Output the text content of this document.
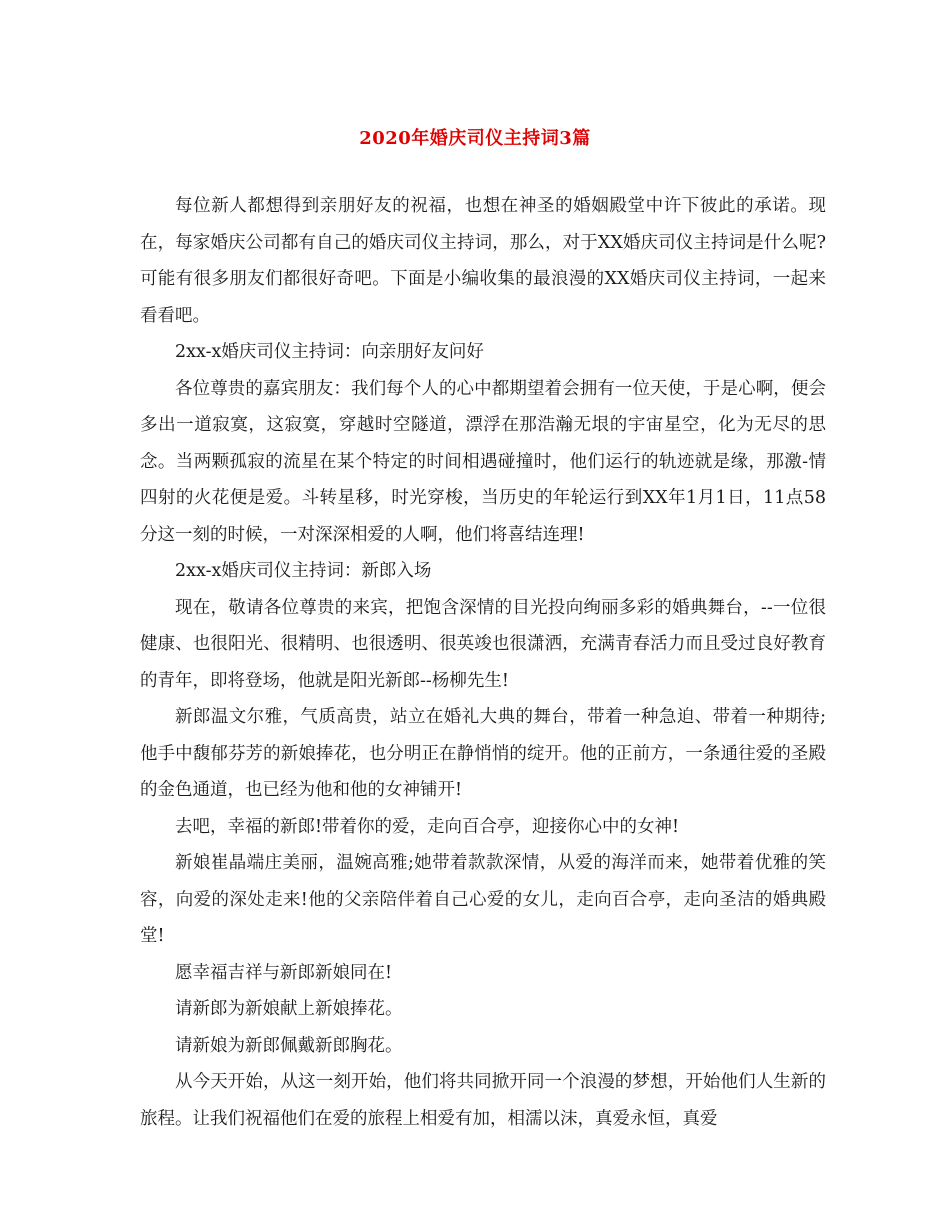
2020年婚庆司仪主持词3篇

每位新人都想得到亲朋好友的祝福，也想在神圣的婚姻殿堂中许下彼此的承诺。现在，每家婚庆公司都有自己的婚庆司仪主持词，那么，对于XX婚庆司仪主持词是什么呢?可能有很多朋友们都很好奇吧。下面是小编收集的最浪漫的XX婚庆司仪主持词，一起来看看吧。

2xx-x婚庆司仪主持词：向亲朋好友问好

各位尊贵的嘉宾朋友：我们每个人的心中都期望着会拥有一位天使，于是心啊，便会多出一道寂寞，这寂寞，穿越时空隧道，漂浮在那浩瀚无垠的宇宙星空，化为无尽的思念。当两颗孤寂的流星在某个特定的时间相遇碰撞时，他们运行的轨迹就是缘，那激-情四射的火花便是爱。斗转星移，时光穿梭，当历史的年轮运行到XX年1月1日，11点58分这一刻的时候，一对深深相爱的人啊，他们将喜结连理!

2xx-x婚庆司仪主持词：新郎入场

现在，敬请各位尊贵的来宾，把饱含深情的目光投向绚丽多彩的婚典舞台，--一位很健康、也很阳光、很精明、也很透明、很英竣也很潇洒，充满青春活力而且受过良好教育的青年，即将登场，他就是阳光新郎--杨柳先生!

新郎温文尔雅，气质高贵，站立在婚礼大典的舞台，带着一种急迫、带着一种期待;他手中馥郁芬芳的新娘捧花，也分明正在静悄悄的绽开。他的正前方，一条通往爱的圣殿的金色通道，也已经为他和他的女神铺开!

去吧，幸福的新郎!带着你的爱，走向百合亭，迎接你心中的女神!

新娘崔晶端庄美丽，温婉高雅;她带着款款深情，从爱的海洋而来，她带着优雅的笑容，向爱的深处走来!他的父亲陪伴着自己心爱的女儿，走向百合亭，走向圣洁的婚典殿堂!

愿幸福吉祥与新郎新娘同在!

请新郎为新娘献上新娘捧花。

请新娘为新郎佩戴新郎胸花。

从今天开始，从这一刻开始，他们将共同掀开同一个浪漫的梦想，开始他们人生新的旅程。让我们祝福他们在爱的旅程上相爱有加，相濡以沫，真爱永恒，真爱
